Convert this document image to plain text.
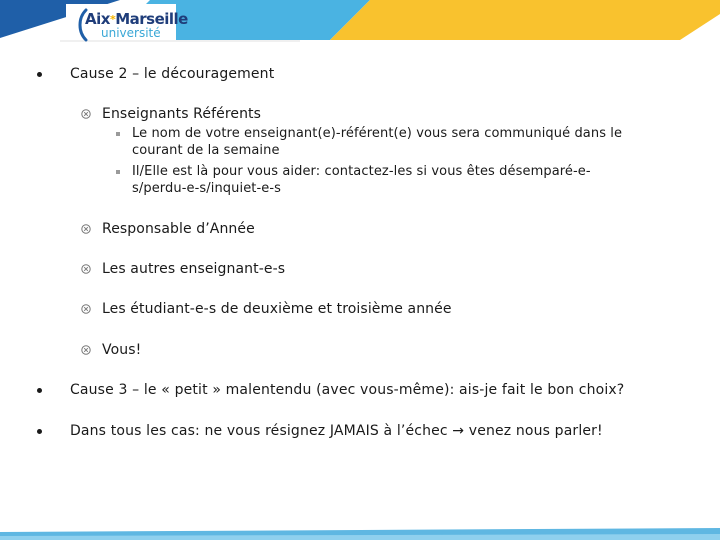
Aix*Marseille
université
Cause 2 – le découragement
Enseignants Référents
Le nom de votre enseignant(e)-référent(e) vous sera communiqué dans le
courant de la semaine
Il/Elle est là pour vous aider: contactez-les si vous êtes désemparé-e-
s/perdu-e-s/inquiet-e-s
Responsable d’Année
Les autres enseignant-e-s
Les étudiant-e-s de deuxième et troisième année
Vous!
Cause 3 – le « petit » malentendu (avec vous-même): ais-je fait le bon choix?
Dans tous les cas: ne vous résignez JAMAIS à l’échec → venez nous parler!
